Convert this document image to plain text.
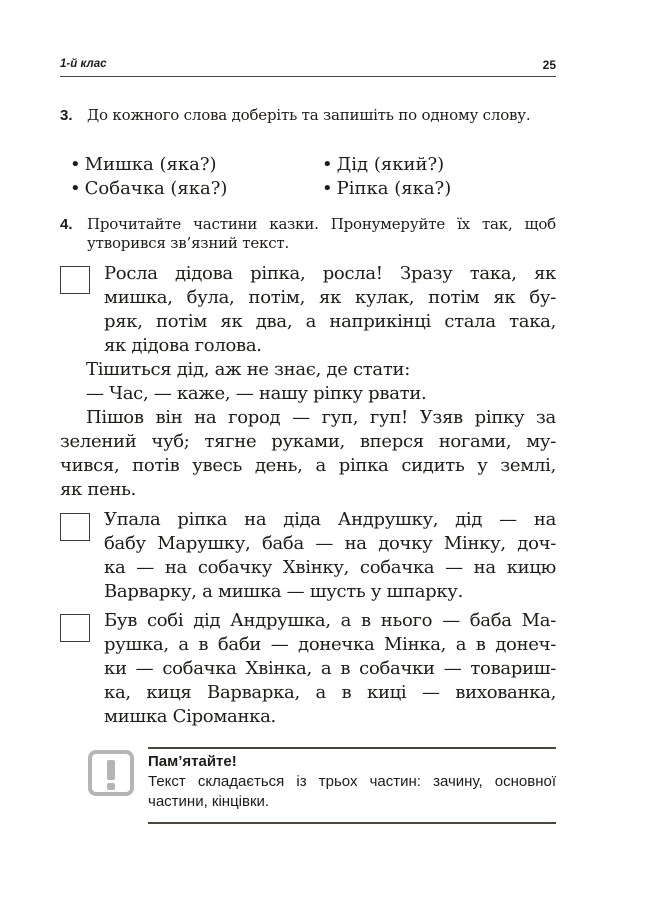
1-й клас	25
3. До кожного слова доберіть та запишіть по одному слову.
• Мишка (яка?)	• Дід (який?)
• Собачка (яка?)	• Ріпка (яка?)
4. Прочитайте частини казки. Пронумеруйте їх так, щоб утворився зв’язний текст.
Росла дідова ріпка, росла! Зразу така, як
мишка, була, потім, як кулак, потім як бу-
ряк, потім як два, а наприкінці стала така,
як дідова голова.
Тішиться дід, аж не знає, де стати:
— Час, — каже, — нашу ріпку рвати.
Пішов він на город — гуп, гуп! Узяв ріпку за
зелений чуб; тягне руками, вперся ногами, му-
чився, потів увесь день, а ріпка сидить у землі,
як пень.
Упала ріпка на діда Андрушку, дід — на
бабу Марушку, баба — на дочку Мінку, доч-
ка — на собачку Хвінку, собачка — на кицю
Варварку, а мишка — шусть у шпарку.
Був собі дід Андрушка, а в нього — баба Ма-
рушка, а в баби — донечка Мінка, а в донеч-
ки — собачка Хвінка, а в собачки — товариш-
ка, киця Варварка, а в киці — вихованка,
мишка Сіроманка.
Пам’ятайте!
Текст складається із трьох частин: зачину, основної частини, кінцівки.
